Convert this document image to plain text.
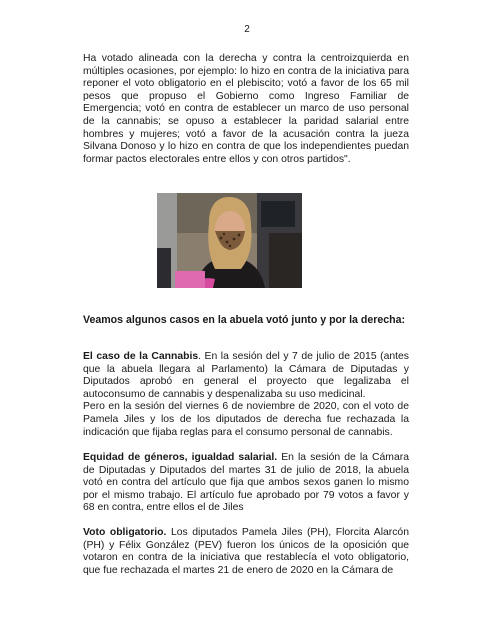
2
Ha votado alineada con la derecha y contra la centroizquierda en múltiples ocasiones, por ejemplo: lo hizo en contra de la iniciativa para reponer el voto obligatorio en el plebiscito; votó a favor de los 65 mil pesos que propuso el Gobierno como Ingreso Familiar de Emergencia; votó en contra de establecer un marco de uso personal de la cannabis; se opuso a establecer la paridad salarial entre hombres y mujeres; votó a favor de la acusación contra la jueza Silvana Donoso y lo hizo en contra de que los independientes puedan formar pactos electorales entre ellos y con otros partidos".
Veamos algunos casos en la abuela votó junto y por la derecha:

El caso de la Cannabis. En la sesión del y 7 de julio de 2015 (antes que la abuela llegara al Parlamento) la Cámara de Diputadas y Diputados aprobó en general el proyecto que legalizaba el autoconsumo de cannabis y despenalizaba su uso medicinal.

Pero en la sesión del viernes 6 de noviembre de 2020, con el voto de Pamela Jiles y los de los diputados de derecha fue rechazada la indicación que fijaba reglas para el consumo personal de cannabis.

Equidad de géneros, igualdad salarial. En la sesión de la Cámara de Diputadas y Diputados del martes 31 de julio de 2018, la abuela votó en contra del artículo que fija que ambos sexos ganen lo mismo por el mismo trabajo. El artículo fue aprobado por 79 votos a favor y 68 en contra, entre ellos el de Jiles

Voto obligatorio. Los diputados Pamela Jiles (PH), Florcita Alarcón (PH) y Félix González (PEV) fueron los únicos de la oposición que votaron en contra de la iniciativa que restablecía el voto obligatorio, que fue rechazada el martes 21 de enero de 2020 en la Cámara de
